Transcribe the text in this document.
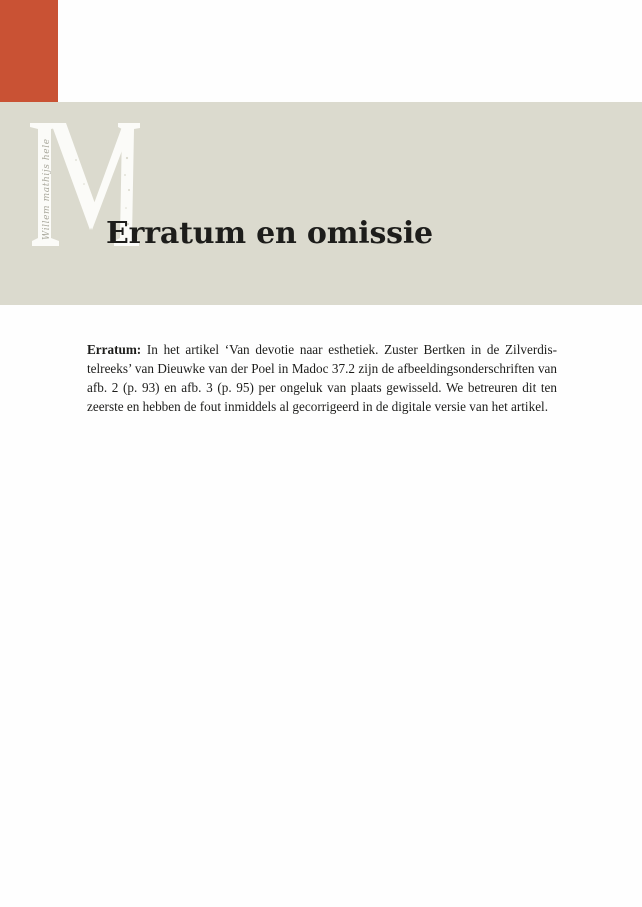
M
Willem mathijs hele Erratum en omissie

Erratum: In het artikel ‘Van devotie naar esthetiek. Zuster Bertken in de Zilverdistelreeks’ van Dieuwke van der Poel in Madoc 37.2 zijn de afbeeldingsonderschriften van afb. 2 (p. 93) en afb. 3 (p. 95) per ongeluk van plaats gewisseld. We betreuren dit ten zeerste en hebben de fout inmiddels al gecorrigeerd in de digitale versie van het artikel.
